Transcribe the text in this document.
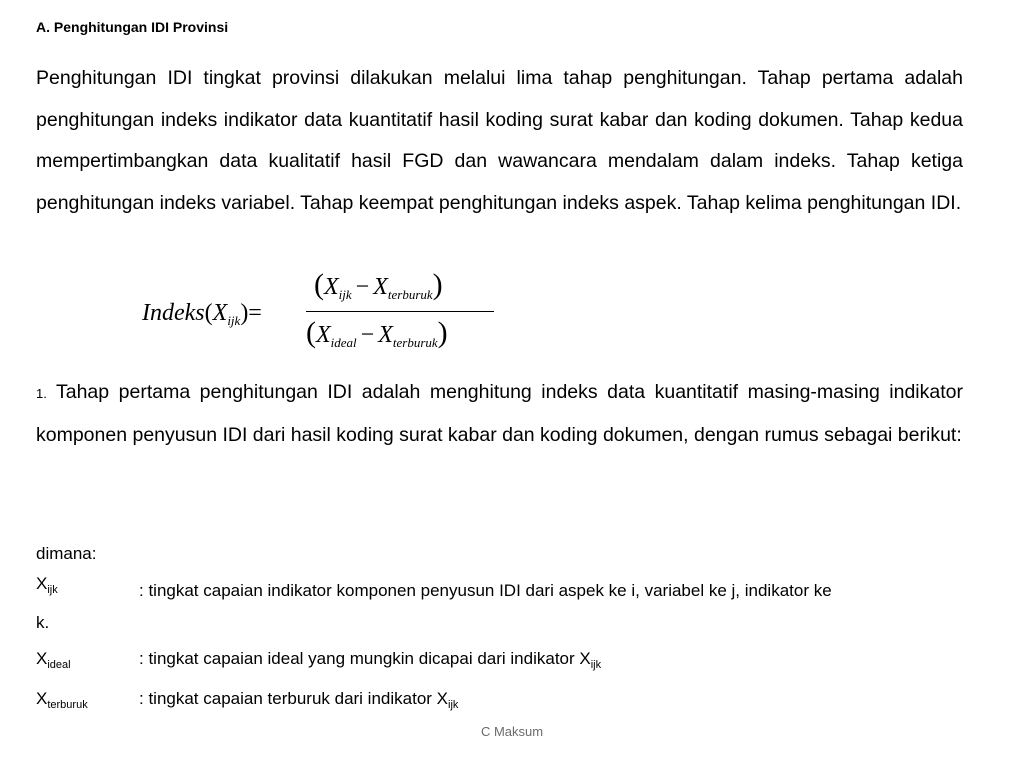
A. Penghitungan IDI Provinsi
Penghitungan IDI tingkat provinsi dilakukan melalui lima tahap penghitungan. Tahap pertama adalah penghitungan indeks indikator data kuantitatif hasil koding surat kabar dan koding dokumen. Tahap kedua mempertimbangkan data kualitatif hasil FGD dan wawancara mendalam dalam indeks. Tahap ketiga penghitungan indeks variabel. Tahap keempat penghitungan indeks aspek. Tahap kelima penghitungan IDI.
$Indeks(X_{ijk})=$
$(X_{ijk} - X_{terburuk})$
$(X_{ideal} - X_{terburuk})$
1. Tahap pertama penghitungan IDI adalah menghitung indeks data kuantitatif masing-masing indikator komponen penyusun IDI dari hasil koding surat kabar dan koding dokumen, dengan rumus sebagai berikut:
dimana:
$X_{ijk}$	: tingkat capaian indikator komponen penyusun IDI dari aspek ke i, variabel ke j, indikator ke
k.
$X_{ideal}$	: tingkat capaian ideal yang mungkin dicapai dari indikator $X_{ijk}$
$X_{terburuk}$	: tingkat capaian terburuk dari indikator $X_{ijk}$
C Maksum
